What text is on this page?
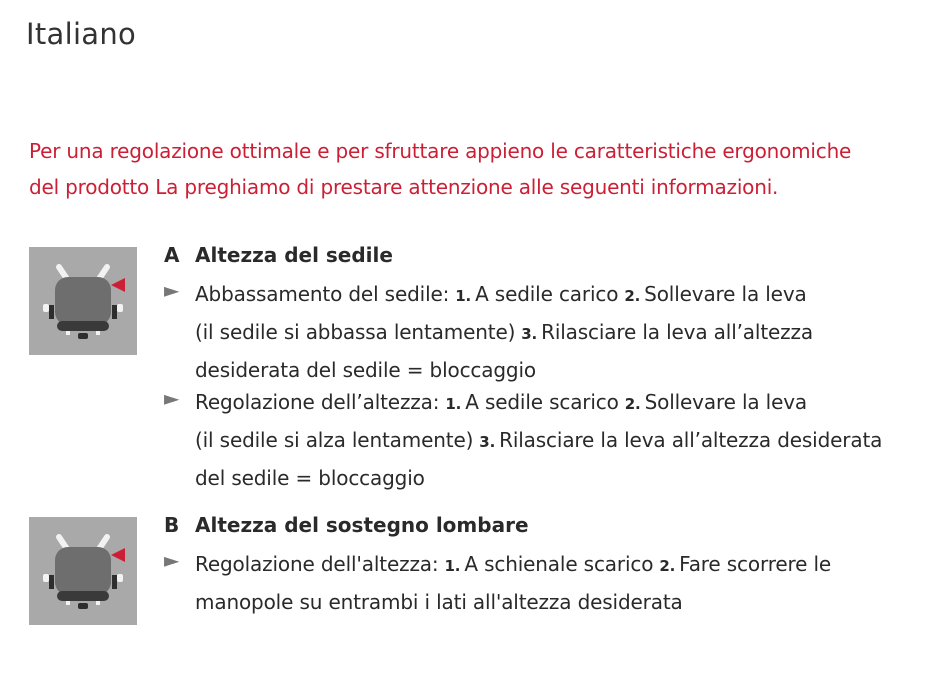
Italiano
Per una regolazione ottimale e per sfruttare appieno le caratteristiche ergonomiche
del prodotto La preghiamo di prestare attenzione alle seguenti informazioni.
A Altezza del sedile
► Abbassamento del sedile: 1. A sedile carico 2. Sollevare la leva
(il sedile si abbassa lentamente) 3. Rilasciare la leva all’altezza
desiderata del sedile = bloccaggio
► Regolazione dell’altezza: 1. A sedile scarico 2. Sollevare la leva
(il sedile si alza lentamente) 3. Rilasciare la leva all’altezza desiderata
del sedile = bloccaggio
B Altezza del sostegno lombare
► Regolazione dell'altezza: 1. A schienale scarico 2. Fare scorrere le
manopole su entrambi i lati all'altezza desiderata
